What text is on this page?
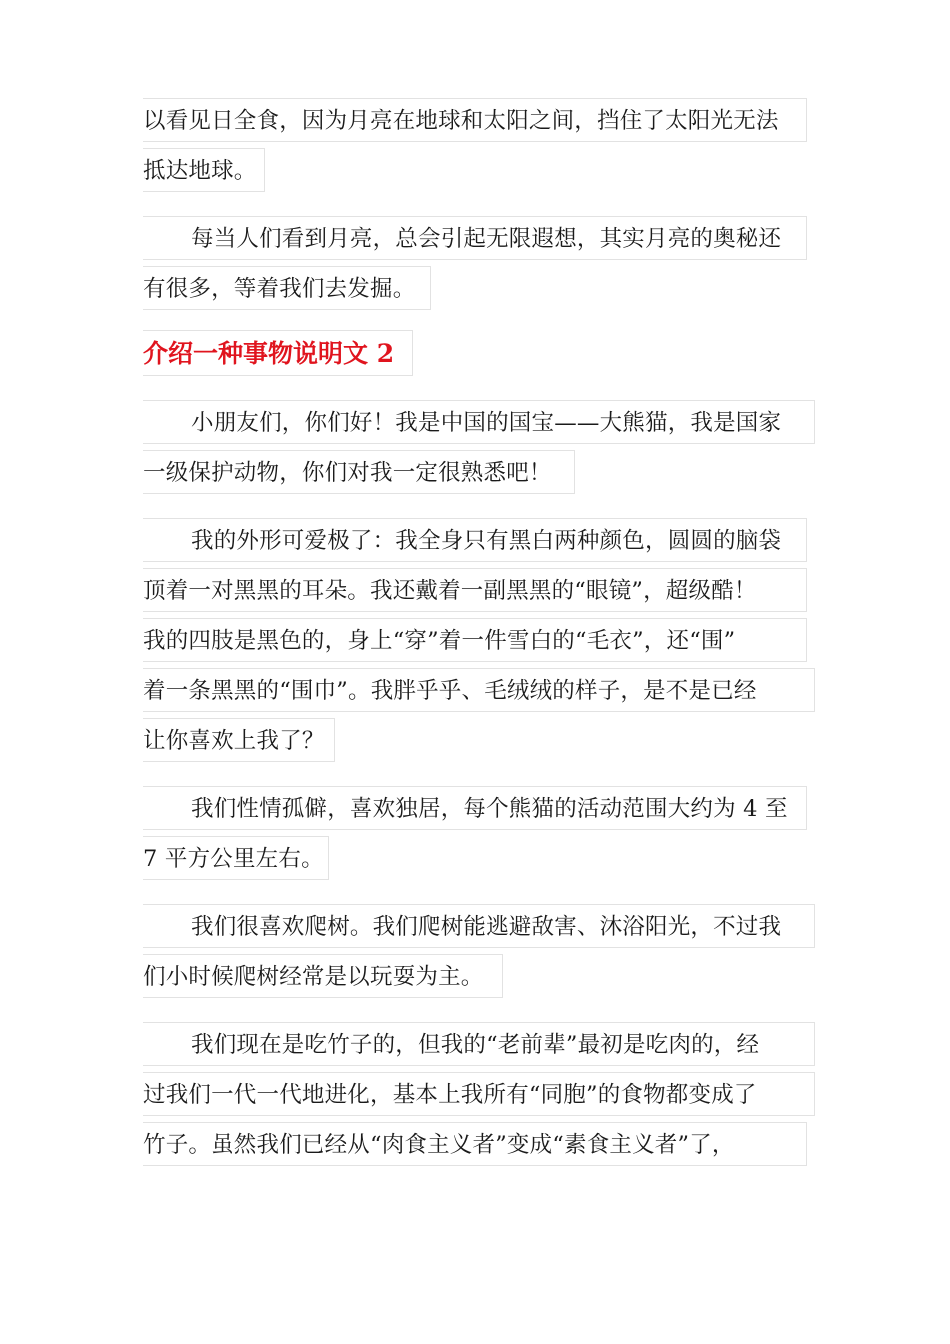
以看见日全食，因为月亮在地球和太阳之间，挡住了太阳光无法
抵达地球。
每当人们看到月亮，总会引起无限遐想，其实月亮的奥秘还
有很多，等着我们去发掘。
介绍一种事物说明文 2
小朋友们，你们好！我是中国的国宝——大熊猫，我是国家
一级保护动物，你们对我一定很熟悉吧！
我的外形可爱极了：我全身只有黑白两种颜色，圆圆的脑袋
顶着一对黑黑的耳朵。我还戴着一副黑黑的“眼镜”，超级酷！
我的四肢是黑色的，身上“穿”着一件雪白的“毛衣”，还“围”
着一条黑黑的“围巾”。我胖乎乎、毛绒绒的样子，是不是已经
让你喜欢上我了？
我们性情孤僻，喜欢独居，每个熊猫的活动范围大约为 4 至
7 平方公里左右。
我们很喜欢爬树。我们爬树能逃避敌害、沐浴阳光，不过我
们小时候爬树经常是以玩耍为主。
我们现在是吃竹子的，但我的“老前辈”最初是吃肉的，经
过我们一代一代地进化，基本上我所有“同胞”的食物都变成了
竹子。虽然我们已经从“肉食主义者”变成“素食主义者”了，
